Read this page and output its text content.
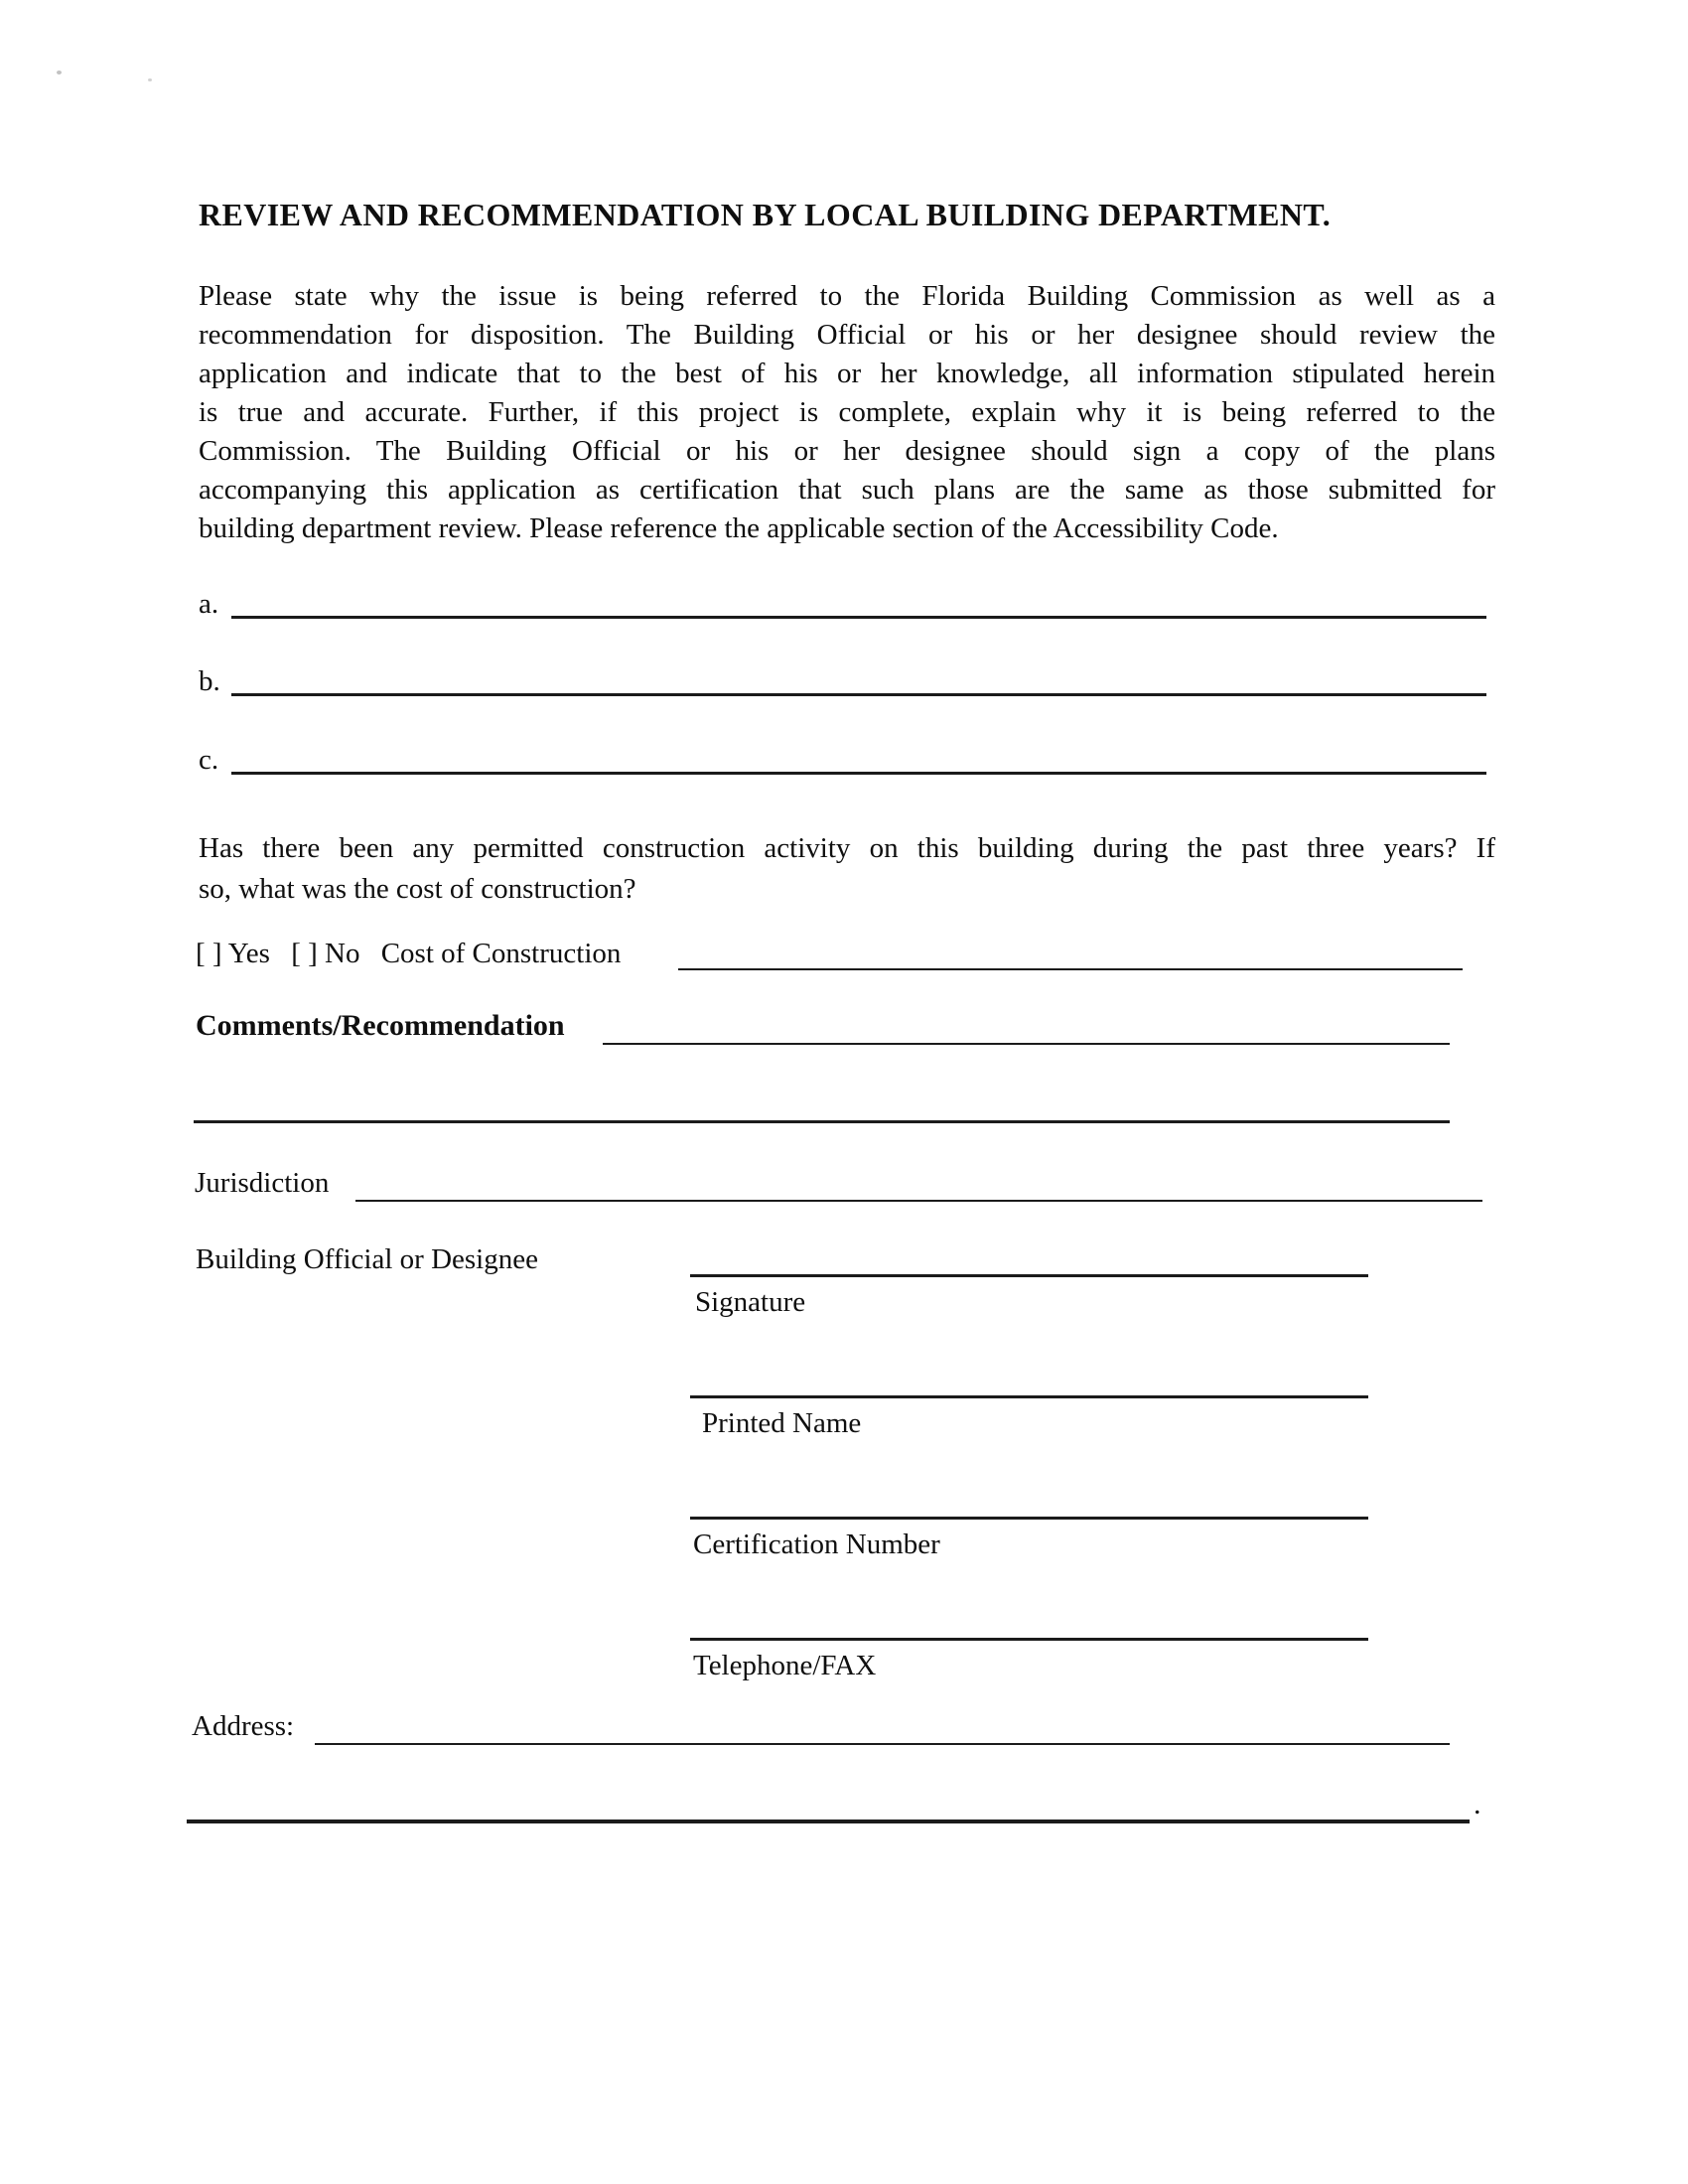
REVIEW AND RECOMMENDATION BY LOCAL BUILDING DEPARTMENT.
Please state why the issue is being referred to the Florida Building Commission as well as a
recommendation for disposition. The Building Official or his or her designee should review the
application and indicate that to the best of his or her knowledge, all information stipulated herein
is true and accurate. Further, if this project is complete, explain why it is being referred to the
Commission. The Building Official or his or her designee should sign a copy of the plans
accompanying this application as certification that such plans are the same as those submitted for
building department review. Please reference the applicable section of the Accessibility Code.
a.
b.
c.
Has there been any permitted construction activity on this building during the past three years? If
so, what was the cost of construction?
[ ] Yes [ ] No Cost of Construction
Comments/Recommendation
Jurisdiction
Building Official or Designee
Signature
Printed Name
Certification Number
Telephone/FAX
Address:
.
